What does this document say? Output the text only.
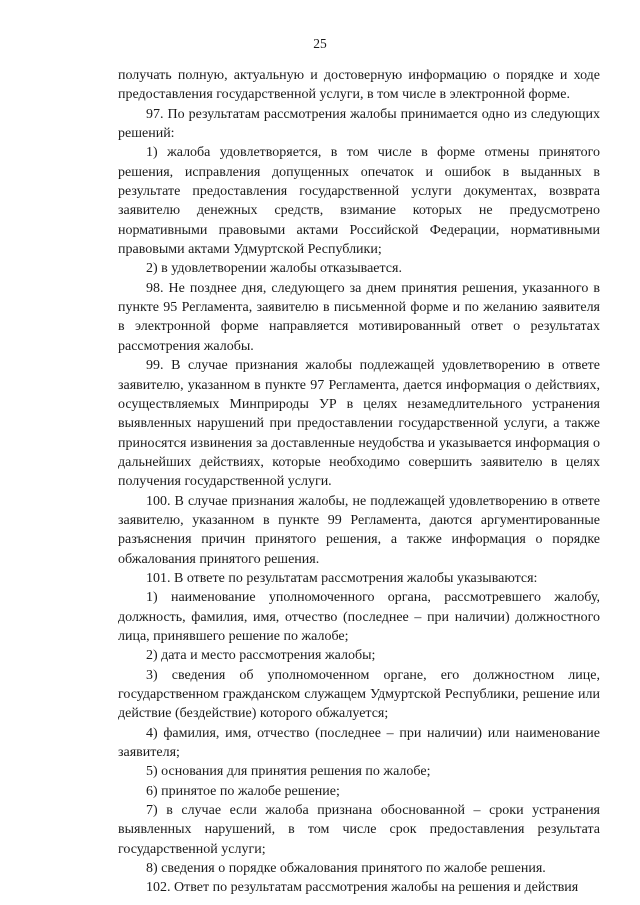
25

получать полную, актуальную и достоверную информацию о порядке и ходе предоставления государственной услуги, в том числе в электронной форме.

97. По результатам рассмотрения жалобы принимается одно из следующих решений:

1) жалоба удовлетворяется, в том числе в форме отмены принятого решения, исправления допущенных опечаток и ошибок в выданных в результате предоставления государственной услуги документах, возврата заявителю денежных средств, взимание которых не предусмотрено нормативными правовыми актами Российской Федерации, нормативными правовыми актами Удмуртской Республики;

2) в удовлетворении жалобы отказывается.

98. Не позднее дня, следующего за днем принятия решения, указанного в пункте 95 Регламента, заявителю в письменной форме и по желанию заявителя в электронной форме направляется мотивированный ответ о результатах рассмотрения жалобы.

99. В случае признания жалобы подлежащей удовлетворению в ответе заявителю, указанном в пункте 97 Регламента, дается информация о действиях, осуществляемых Минприроды УР в целях незамедлительного устранения выявленных нарушений при предоставлении государственной услуги, а также приносятся извинения за доставленные неудобства и указывается информация о дальнейших действиях, которые необходимо совершить заявителю в целях получения государственной услуги.

100. В случае признания жалобы, не подлежащей удовлетворению в ответе заявителю, указанном в пункте 99 Регламента, даются аргументированные разъяснения причин принятого решения, а также информация о порядке обжалования принятого решения.

101. В ответе по результатам рассмотрения жалобы указываются:

1) наименование уполномоченного органа, рассмотревшего жалобу, должность, фамилия, имя, отчество (последнее – при наличии) должностного лица, принявшего решение по жалобе;

2) дата и место рассмотрения жалобы;

3) сведения об уполномоченном органе, его должностном лице, государственном гражданском служащем Удмуртской Республики, решение или действие (бездействие) которого обжалуется;

4) фамилия, имя, отчество (последнее – при наличии) или наименование заявителя;

5) основания для принятия решения по жалобе;

6) принятое по жалобе решение;

7) в случае если жалоба признана обоснованной – сроки устранения выявленных нарушений, в том числе срок предоставления результата государственной услуги;

8) сведения о порядке обжалования принятого по жалобе решения.

102. Ответ по результатам рассмотрения жалобы на решения и действия
